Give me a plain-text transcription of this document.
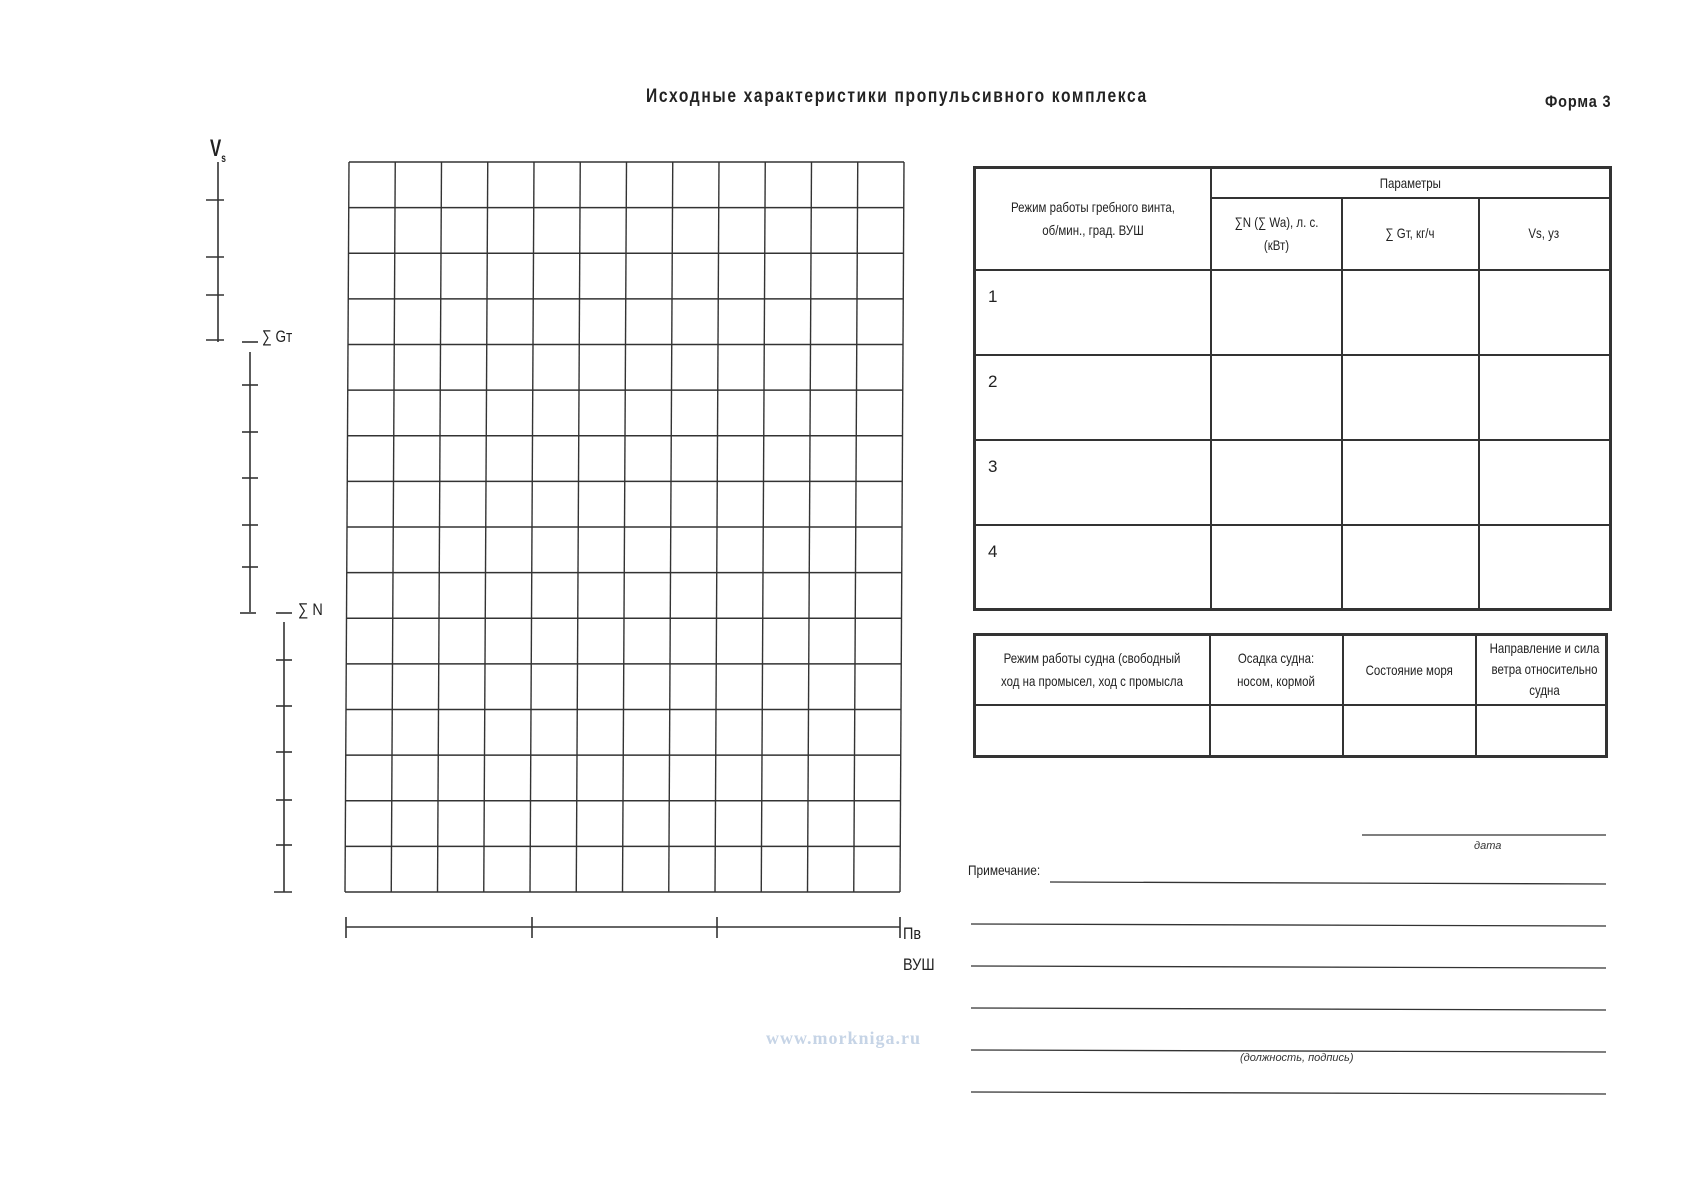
Исходные характеристики пропульсивного комплекса	Форма 3
$V_s$
∑ Gт
∑ N
Пв
ВУШ
Режим работы гребного винта, об/мин., град. ВУШ	Параметры		
	∑N (∑ Wa), л. с. (кВт)	∑ Gт, кг/ч	Vs, уз
1			
2			
3			
4			
Режим работы судна (свободный ход на промысел, ход с промысла	Осадка судна: носом, кормой	Состояние моря	Направление и сила ветра относительно судна

дата
Примечание:
(должность, подпись)
www.morkniga.ru
